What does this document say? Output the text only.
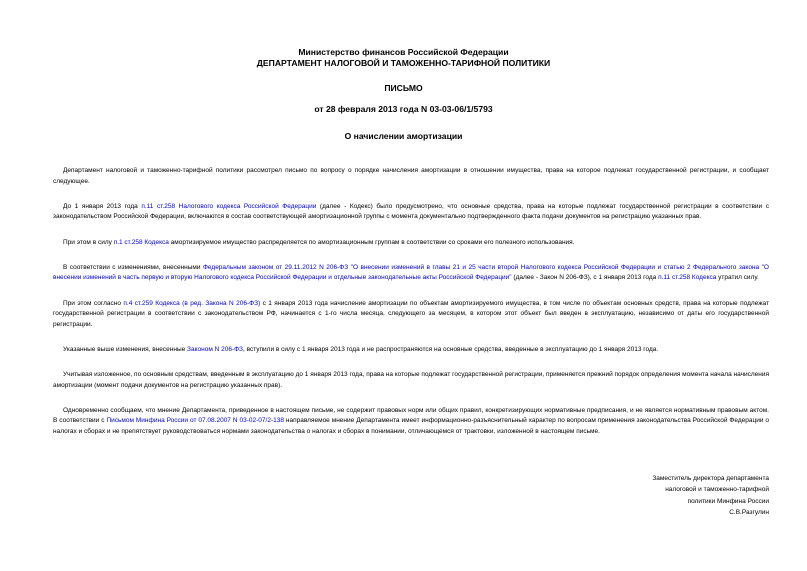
Министерство финансов Российской Федерации
ДЕПАРТАМЕНТ НАЛОГОВОЙ И ТАМОЖЕННО-ТАРИФНОЙ ПОЛИТИКИ
ПИСЬМО
от 28 февраля 2013 года N 03-03-06/1/5793
О начислении амортизации

Департамент налоговой и таможенно-тарифной политики рассмотрел письмо по вопросу о порядке начисления амортизации в отношении имущества, права на которое подлежат государственной регистрации, и сообщает следующее.

До 1 января 2013 года п.11 ст.258 Налогового кодекса Российской Федерации (далее - Кодекс) было предусмотрено, что основные средства, права на которые подлежат государственной регистрации в соответствии с законодательством Российской Федерации, включаются в состав соответствующей амортизационной группы с момента документально подтвержденного факта подачи документов на регистрацию указанных прав.

При этом в силу п.1 ст.258 Кодекса амортизируемое имущество распределяется по амортизационным группам в соответствии со сроками его полезного использования.

В соответствии с изменениями, внесенными Федеральным законом от 29.11.2012 N 206-ФЗ "О внесении изменений в главы 21 и 25 части второй Налогового кодекса Российской Федерации и статью 2 Федерального закона "О внесении изменений в часть первую и вторую Налогового кодекса Российской Федерации и отдельные законодательные акты Российской Федерации" (далее - Закон N 206-ФЗ), с 1 января 2013 года п.11 ст.258 Кодекса утратил силу.

При этом согласно п.4 ст.259 Кодекса (в ред. Закона N 206-ФЗ) с 1 января 2013 года начисление амортизации по объектам амортизируемого имущества, в том числе по объектам основных средств, права на которые подлежат государственной регистрации в соответствии с законодательством РФ, начинается с 1-го числа месяца, следующего за месяцем, в котором этот объект был введен в эксплуатацию, независимо от даты его государственной регистрации.

Указанные выше изменения, внесенные Законом N 206-ФЗ, вступили в силу с 1 января 2013 года и не распространяются на основные средства, введенные в эксплуатацию до 1 января 2013 года.

Учитывая изложенное, по основным средствам, введенным в эксплуатацию до 1 января 2013 года, права на которые подлежат государственной регистрации, применяется прежний порядок определения момента начала начисления амортизации (момент подачи документов на регистрацию указанных прав).

Одновременно сообщаем, что мнение Департамента, приведенное в настоящем письме, не содержит правовых норм или общих правил, конкретизирующих нормативные предписания, и не является нормативным правовым актом. В соответствии с Письмом Минфина России от 07.08.2007 N 03-02-07/2-138 направляемое мнение Департамента имеет информационно-разъяснительный характер по вопросам применения законодательства Российской Федерации о налогах и сборах и не препятствует руководствоваться нормами законодательства о налогах и сборах в понимании, отличающемся от трактовки, изложенной в настоящем письме.

Заместитель директора департамента
налоговой и таможенно-тарифной
политики Минфина России
С.В.Разгулин
